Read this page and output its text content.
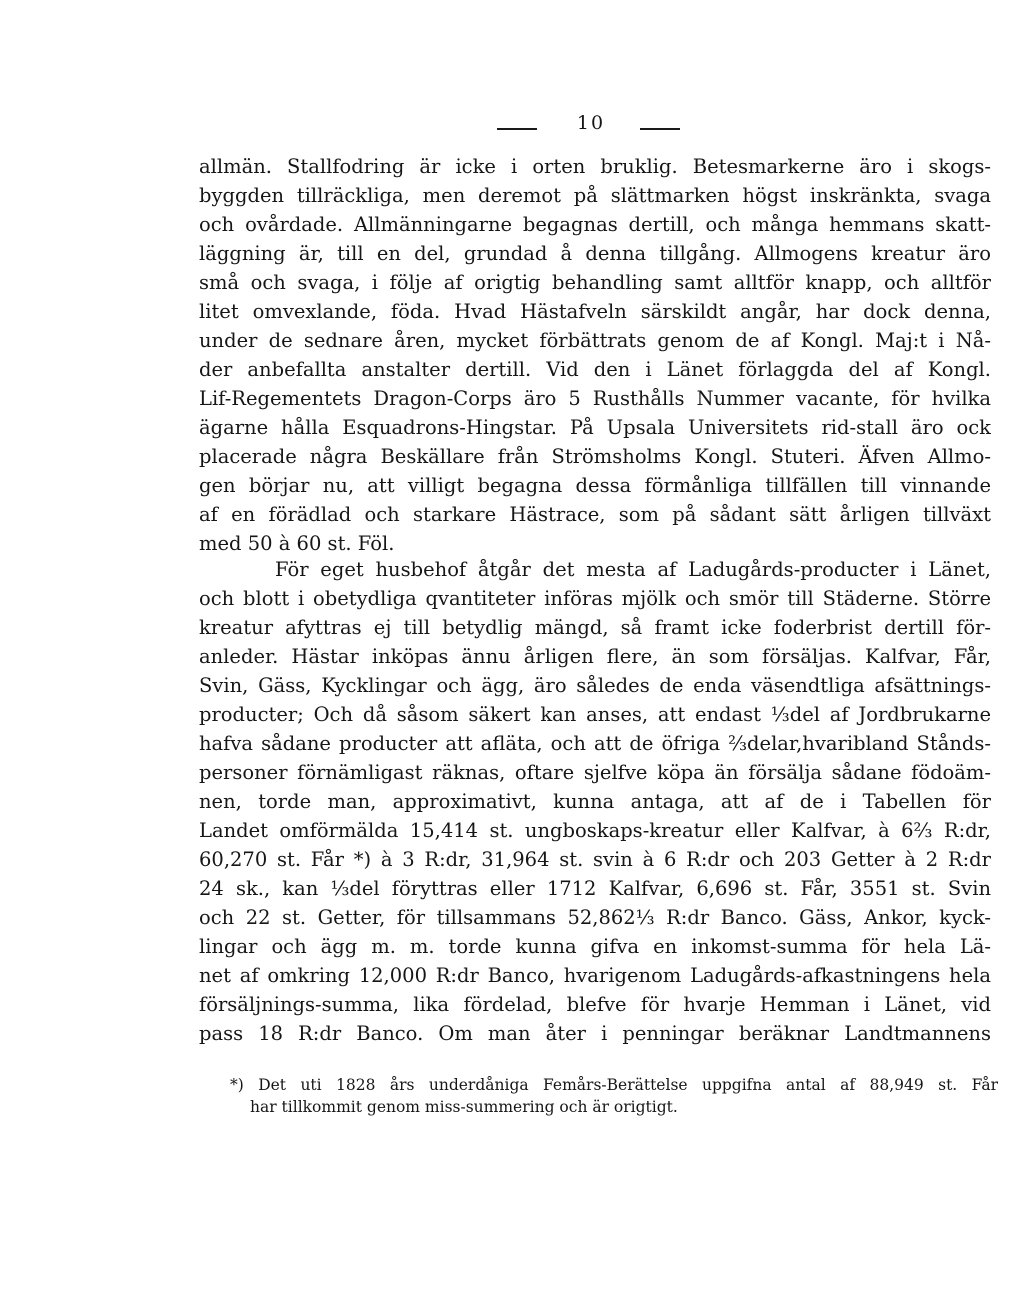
10
allmän. Stallfodring är icke i orten bruklig. Betesmarkerne äro i skogs-
byggden tillräckliga, men deremot på slättmarken högst inskränkta, svaga
och ovårdade. Allmänningarne begagnas dertill, och många hemmans skatt-
läggning är, till en del, grundad å denna tillgång. Allmogens kreatur äro
små och svaga, i följe af origtig behandling samt alltför knapp, och alltför
litet omvexlande, föda. Hvad Hästafveln särskildt angår, har dock denna,
under de sednare åren, mycket förbättrats genom de af Kongl. Maj:t i Nå-
der anbefallta anstalter dertill. Vid den i Länet förlaggda del af Kongl.
Lif-Regementets Dragon-Corps äro 5 Rusthålls Nummer vacante, för hvilka
ägarne hålla Esquadrons-Hingstar. På Upsala Universitets rid-stall äro ock
placerade några Beskällare från Strömsholms Kongl. Stuteri. Äfven Allmo-
gen börjar nu, att villigt begagna dessa förmånliga tillfällen till vinnande
af en förädlad och starkare Hästrace, som på sådant sätt årligen tillväxt
med 50 à 60 st. Föl.
För eget husbehof åtgår det mesta af Ladugårds-producter i Länet,
och blott i obetydliga qvantiteter införas mjölk och smör till Städerne. Större
kreatur afyttras ej till betydlig mängd, så framt icke foderbrist dertill för-
anleder. Hästar inköpas ännu årligen flere, än som försäljas. Kalfvar, Får,
Svin, Gäss, Kycklingar och ägg, äro således de enda väsendtliga afsättnings-
producter; Och då såsom säkert kan anses, att endast ⅓del af Jordbrukarne
hafva sådane producter att afläta, och att de öfriga ⅔delar,hvaribland Stånds-
personer förnämligast räknas, oftare sjelfve köpa än försälja sådane födoäm-
nen, torde man, approximativt, kunna antaga, att af de i Tabellen för
Landet omförmälda 15,414 st. ungboskaps-kreatur eller Kalfvar, à 6⅔ R:dr,
60,270 st. Får *) à 3 R:dr, 31,964 st. svin à 6 R:dr och 203 Getter à 2 R:dr
24 sk., kan ⅓del föryttras eller 1712 Kalfvar, 6,696 st. Får, 3551 st. Svin
och 22 st. Getter, för tillsammans 52,862⅓ R:dr Banco. Gäss, Ankor, kyck-
lingar och ägg m. m. torde kunna gifva en inkomst-summa för hela Lä-
net af omkring 12,000 R:dr Banco, hvarigenom Ladugårds-afkastningens hela
försäljnings-summa, lika fördelad, blefve för hvarje Hemman i Länet, vid
pass 18 R:dr Banco. Om man åter i penningar beräknar Landtmannens
*) Det uti 1828 års underdåniga Femårs-Berättelse uppgifna antal af 88,949 st. Får
har tillkommit genom miss-summering och är origtigt.
